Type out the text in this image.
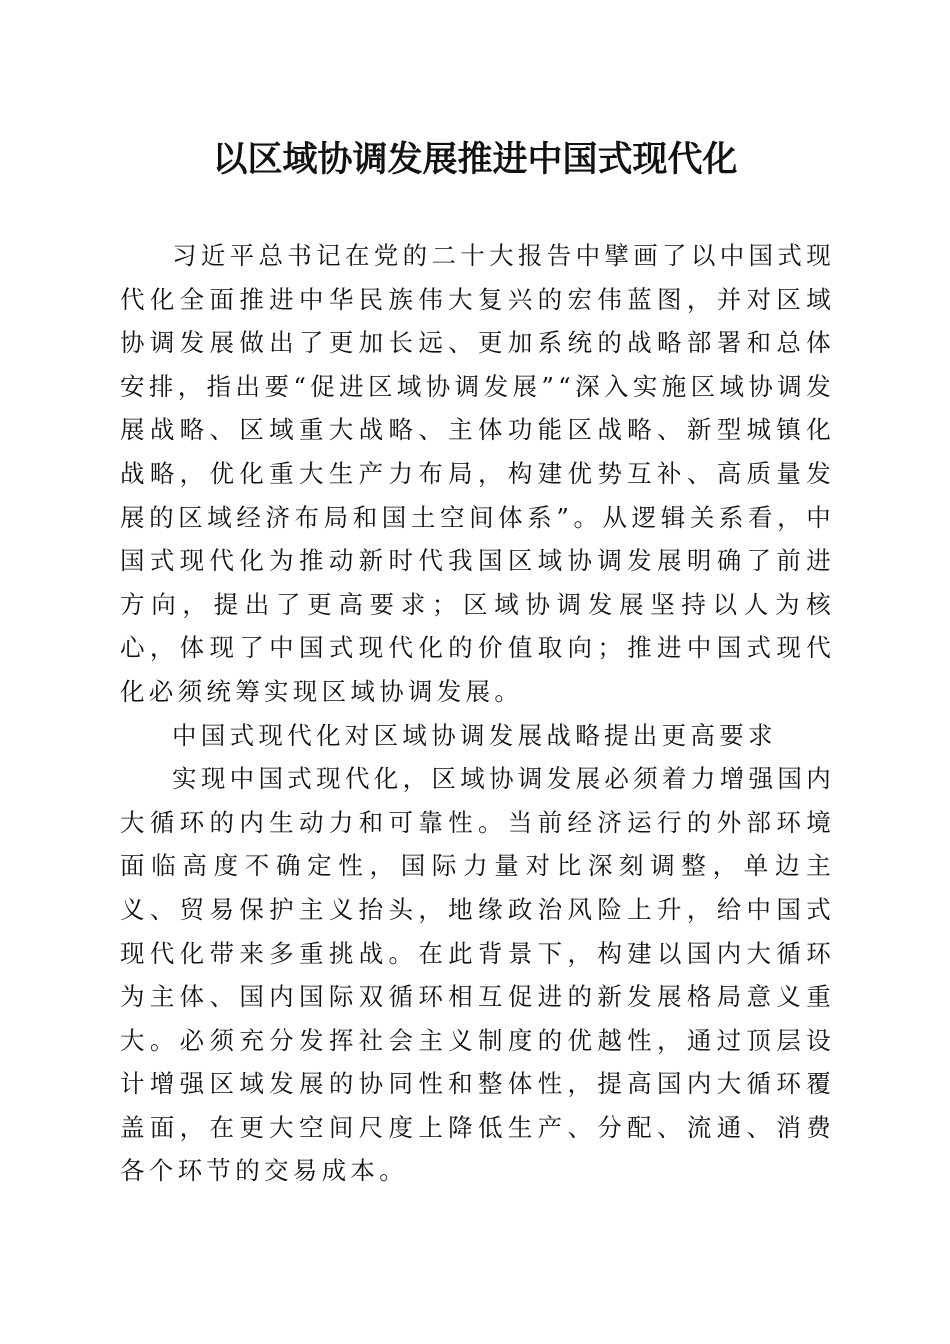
以区域协调发展推进中国式现代化

习近平总书记在党的二十大报告中擘画了以中国式现代化全面推进中华民族伟大复兴的宏伟蓝图，并对区域协调发展做出了更加长远、更加系统的战略部署和总体安排，指出要“促进区域协调发展”“深入实施区域协调发展战略、区域重大战略、主体功能区战略、新型城镇化战略，优化重大生产力布局，构建优势互补、高质量发展的区域经济布局和国土空间体系”。从逻辑关系看，中国式现代化为推动新时代我国区域协调发展明确了前进方向，提出了更高要求；区域协调发展坚持以人为核心，体现了中国式现代化的价值取向；推进中国式现代化必须统筹实现区域协调发展。

中国式现代化对区域协调发展战略提出更高要求

实现中国式现代化，区域协调发展必须着力增强国内大循环的内生动力和可靠性。当前经济运行的外部环境面临高度不确定性，国际力量对比深刻调整，单边主义、贸易保护主义抬头，地缘政治风险上升，给中国式现代化带来多重挑战。在此背景下，构建以国内大循环为主体、国内国际双循环相互促进的新发展格局意义重大。必须充分发挥社会主义制度的优越性，通过顶层设计增强区域发展的协同性和整体性，提高国内大循环覆盖面，在更大空间尺度上降低生产、分配、流通、消费各个环节的交易成本。
